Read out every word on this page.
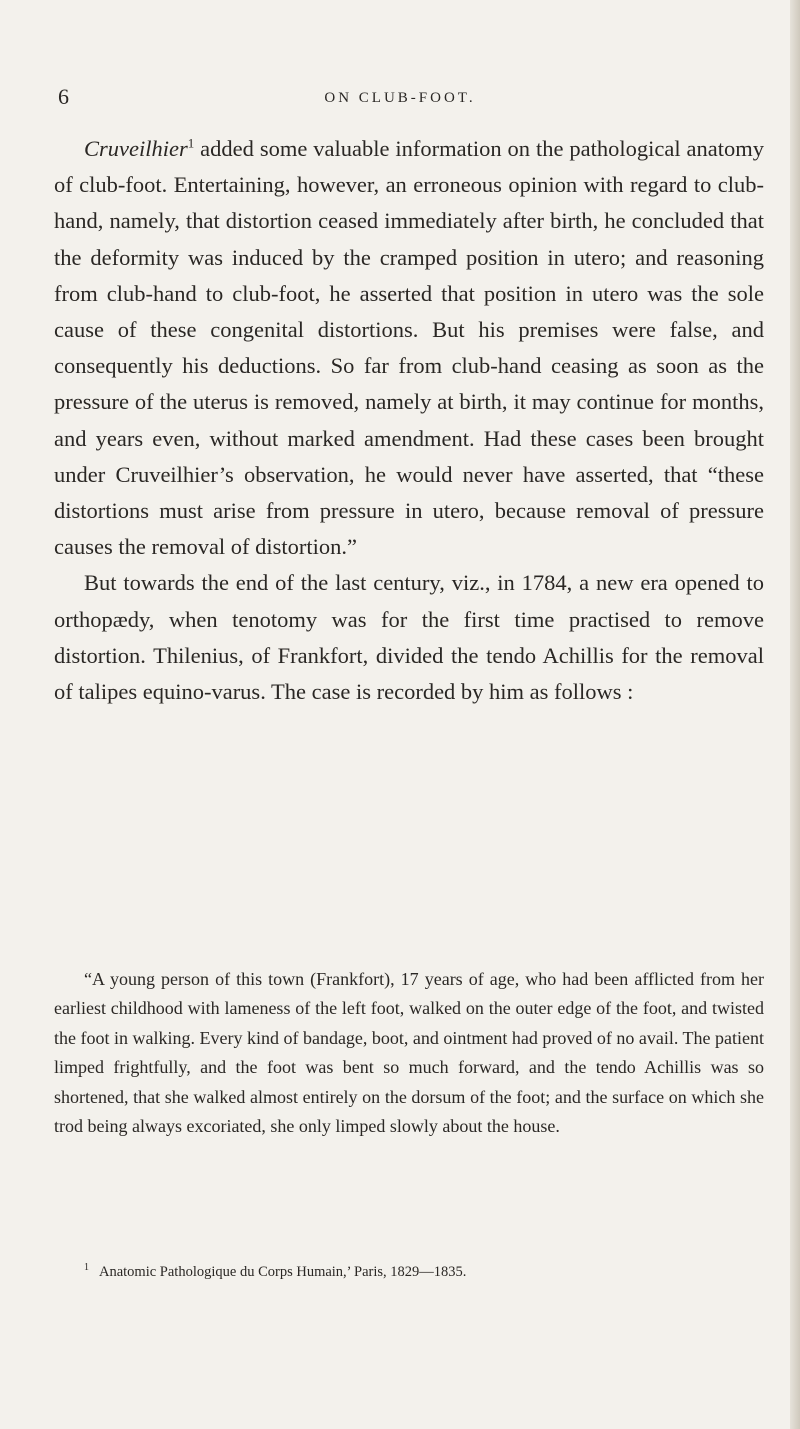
6	ON CLUB-FOOT.

Cruveilhier$^1$ added some valuable information on the pathological anatomy of club-foot. Entertaining, however, an erroneous opinion with regard to club-hand, namely, that distortion ceased immediately after birth, he concluded that the deformity was induced by the cramped position in utero; and reasoning from club-hand to club-foot, he asserted that position in utero was the sole cause of these congenital distortions. But his premises were false, and consequently his deductions. So far from club-hand ceasing as soon as the pressure of the uterus is removed, namely at birth, it may continue for months, and years even, without marked amendment. Had these cases been brought under Cruveilhier’s observation, he would never have asserted, that “these distortions must arise from pressure in utero, because removal of pressure causes the removal of distortion.”

But towards the end of the last century, viz., in 1784, a new era opened to orthopædy, when tenotomy was for the first time practised to remove distortion. Thilenius, of Frankfort, divided the tendo Achillis for the removal of talipes equino-varus. The case is recorded by him as follows :

“A young person of this town (Frankfort), 17 years of age, who had been afflicted from her earliest childhood with lameness of the left foot, walked on the outer edge of the foot, and twisted the foot in walking. Every kind of bandage, boot, and ointment had proved of no avail. The patient limped frightfully, and the foot was bent so much forward, and the tendo Achillis was so shortened, that she walked almost entirely on the dorsum of the foot; and the surface on which she trod being always excoriated, she only limped slowly about the house.

$^1$ Anatomic Pathologique du Corps Humain,’ Paris, 1829—1835.
